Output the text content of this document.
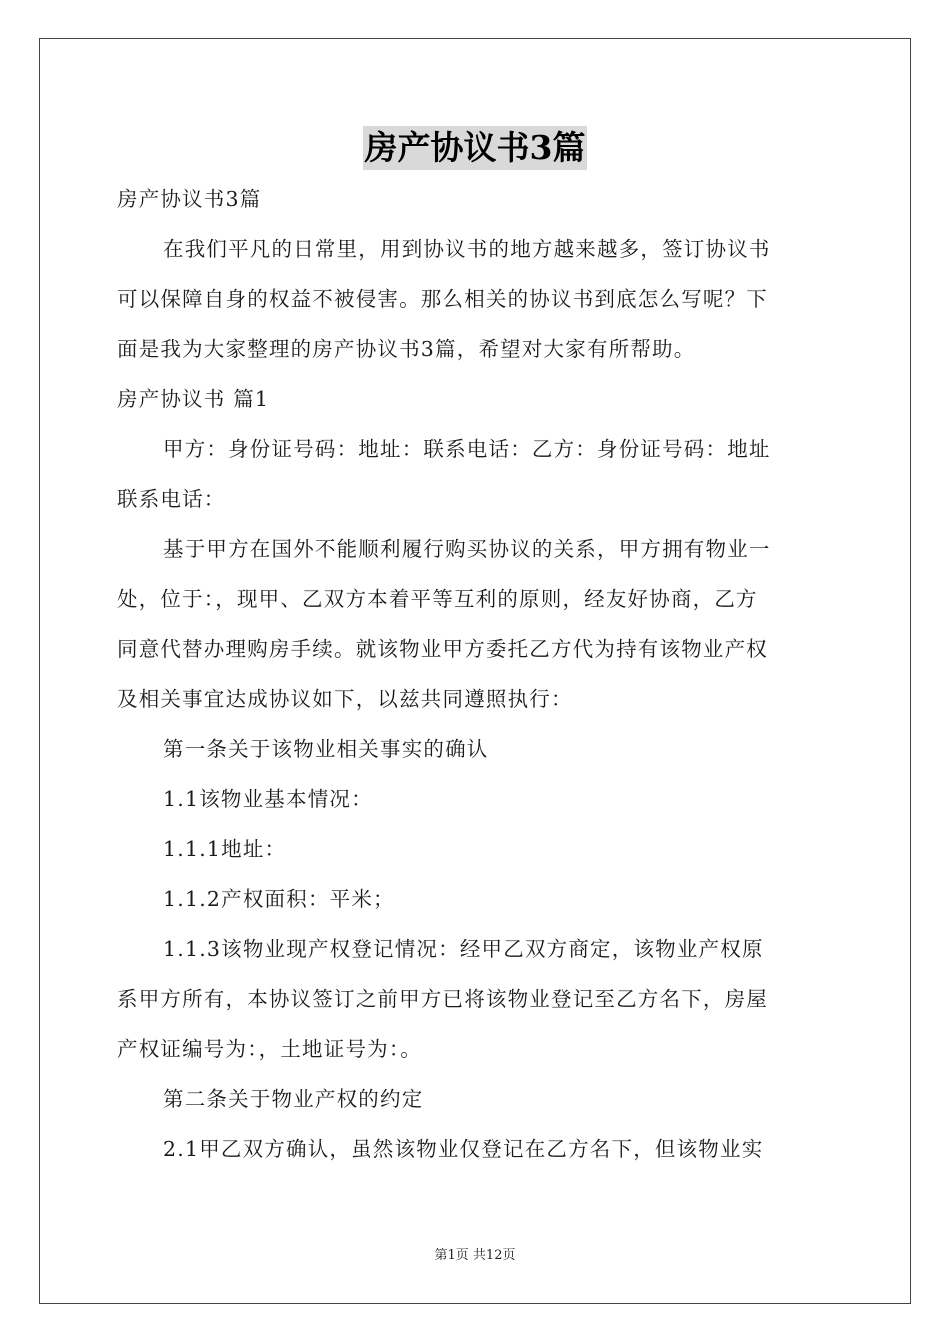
房产协议书3篇
房产协议书3篇
在我们平凡的日常里，用到协议书的地方越来越多，签订协议书
可以保障自身的权益不被侵害。那么相关的协议书到底怎么写呢？下
面是我为大家整理的房产协议书3篇，希望对大家有所帮助。
房产协议书 篇1
甲方：身份证号码：地址：联系电话：乙方：身份证号码：地址
联系电话：
基于甲方在国外不能顺利履行购买协议的关系，甲方拥有物业一
处，位于：，现甲、乙双方本着平等互利的原则，经友好协商，乙方
同意代替办理购房手续。就该物业甲方委托乙方代为持有该物业产权
及相关事宜达成协议如下，以兹共同遵照执行：
第一条关于该物业相关事实的确认
1.1该物业基本情况：
1.1.1地址：
1.1.2产权面积：平米；
1.1.3该物业现产权登记情况：经甲乙双方商定，该物业产权原
系甲方所有，本协议签订之前甲方已将该物业登记至乙方名下，房屋
产权证编号为：，土地证号为：。
第二条关于物业产权的约定
2.1甲乙双方确认，虽然该物业仅登记在乙方名下，但该物业实
第1页 共12页
